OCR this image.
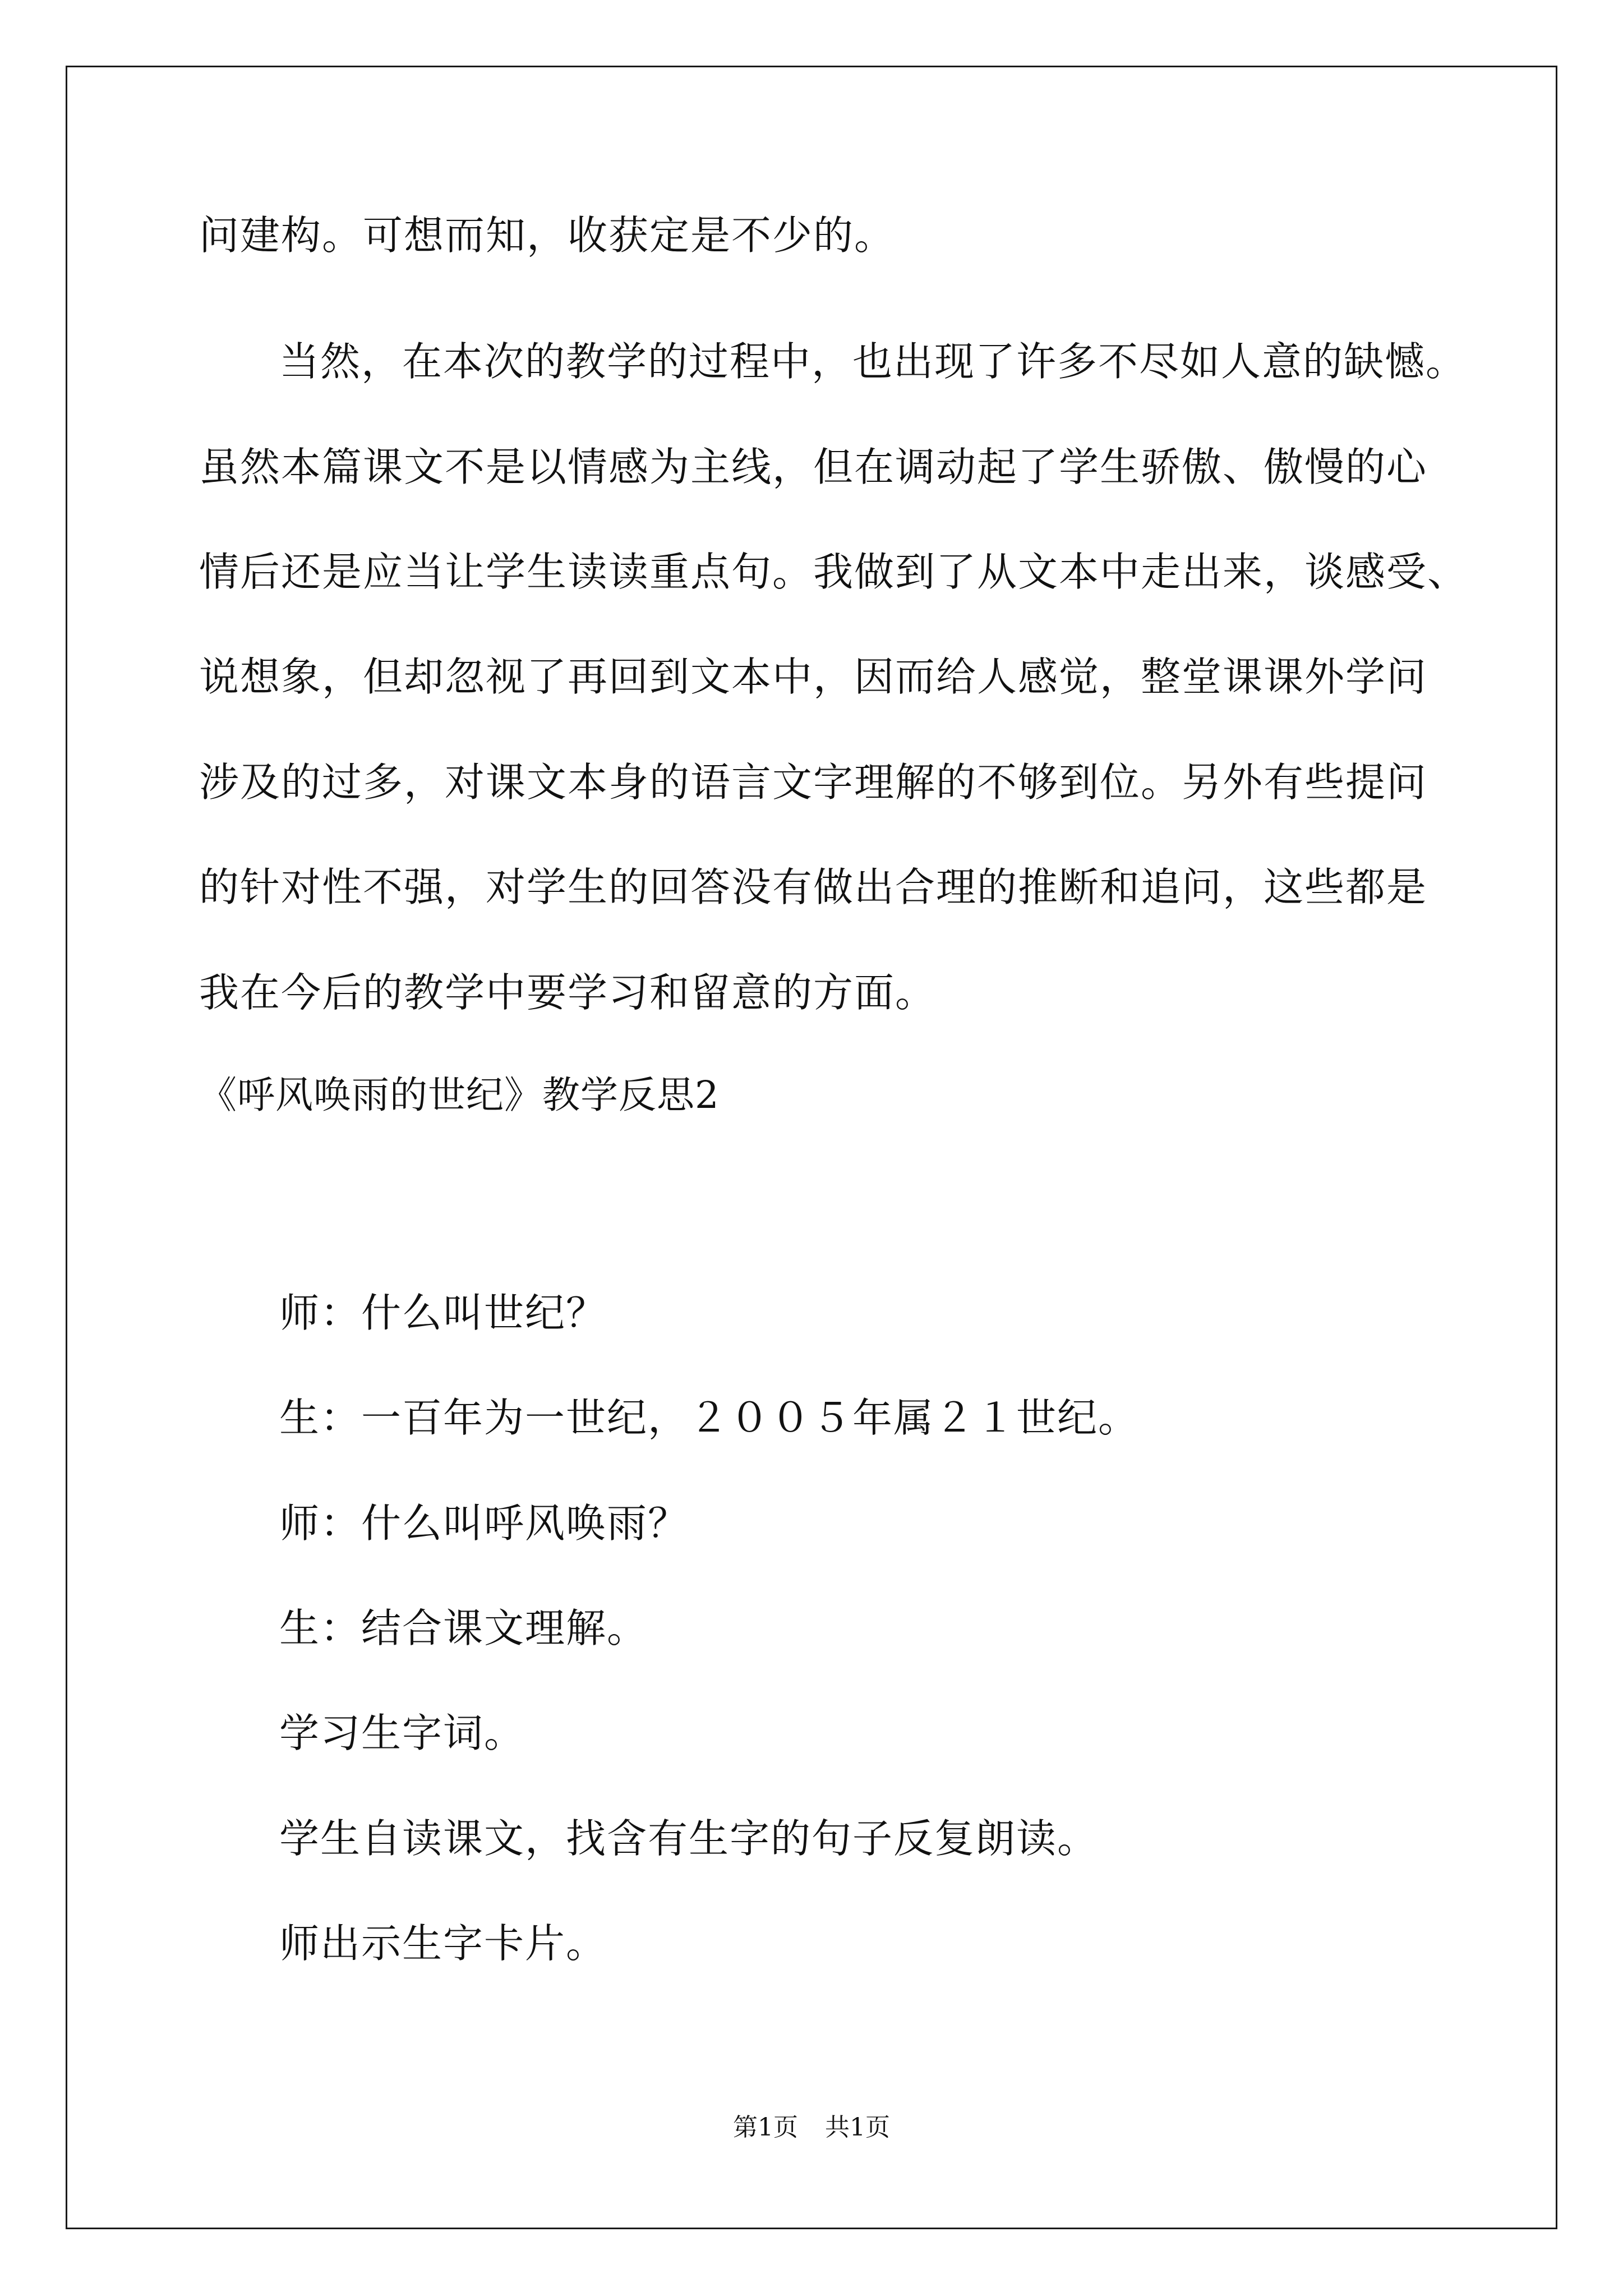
问建构。可想而知，收获定是不少的。
当然，在本次的教学的过程中，也出现了许多不尽如人意的缺憾。
虽然本篇课文不是以情感为主线，但在调动起了学生骄傲、傲慢的心
情后还是应当让学生读读重点句。我做到了从文本中走出来，谈感受、
说想象，但却忽视了再回到文本中，因而给人感觉，整堂课课外学问
涉及的过多，对课文本身的语言文字理解的不够到位。另外有些提问
的针对性不强，对学生的回答没有做出合理的推断和追问，这些都是
我在今后的教学中要学习和留意的方面。
《呼风唤雨的世纪》教学反思2
师：什么叫世纪？
生：一百年为一世纪，２００５年属２１世纪。
师：什么叫呼风唤雨？
生：结合课文理解。
学习生字词。
学生自读课文，找含有生字的句子反复朗读。
师出示生字卡片。
第1页 共1页
